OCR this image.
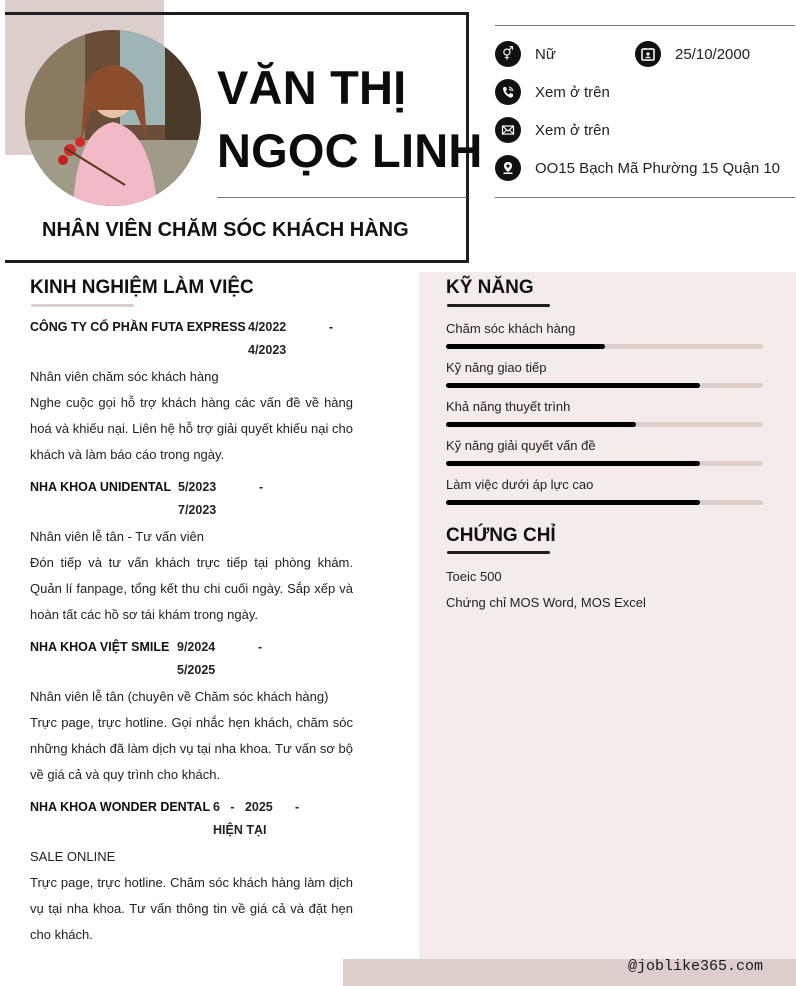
VĂN THỊ
NGỌC LINH
NHÂN VIÊN CHĂM SÓC KHÁCH HÀNG
⚥	Nữ	25/10/2000
Xem ở trên
Xem ở trên
OO15 Bạch Mã Phường 15 Quận 10
KINH NGHIỆM LÀM VIỆC
CÔNG TY CỔ PHẦN FUTA EXPRESS 4/2022	-
4/2023
Nhân viên chăm sóc khách hàng
Nghe cuộc gọi hỗ trợ khách hàng các vấn đề về hàng hoá và khiếu nại. Liên hệ hỗ trợ giải quyết khiếu nại cho khách và làm báo cáo trong ngày.
NHA KHOA UNIDENTAL 5/2023	-
7/2023
Nhân viên lễ tân - Tư vấn viên
Đón tiếp và tư vấn khách trực tiếp tại phòng khám. Quản lí fanpage, tổng kết thu chi cuối ngày. Sắp xếp và hoàn tất các hồ sơ tái khám trong ngày.
NHA KHOA VIỆT SMILE 9/2024	-
5/2025
Nhân viên lễ tân (chuyên về Chăm sóc khách hàng)
Trực page, trực hotline. Gọi nhắc hẹn khách, chăm sóc những khách đã làm dịch vụ tại nha khoa. Tư vấn sơ bộ về giá cả và quy trình cho khách.
NHA KHOA WONDER DENTAL 6   -   2025 -
HIỆN TẠI
SALE ONLINE
Trực page, trực hotline. Chăm sóc khách hàng làm dịch vụ tại nha khoa. Tư vấn thông tin về giá cả và đặt hẹn cho khách.
KỸ NĂNG
Chăm sóc khách hàng
Kỹ năng giao tiếp
Khả năng thuyết trình
Kỹ năng giải quyết vấn đề
Làm việc dưới áp lực cao
CHỨNG CHỈ
Toeic 500
Chứng chỉ MOS Word, MOS Excel
@joblike365.com
